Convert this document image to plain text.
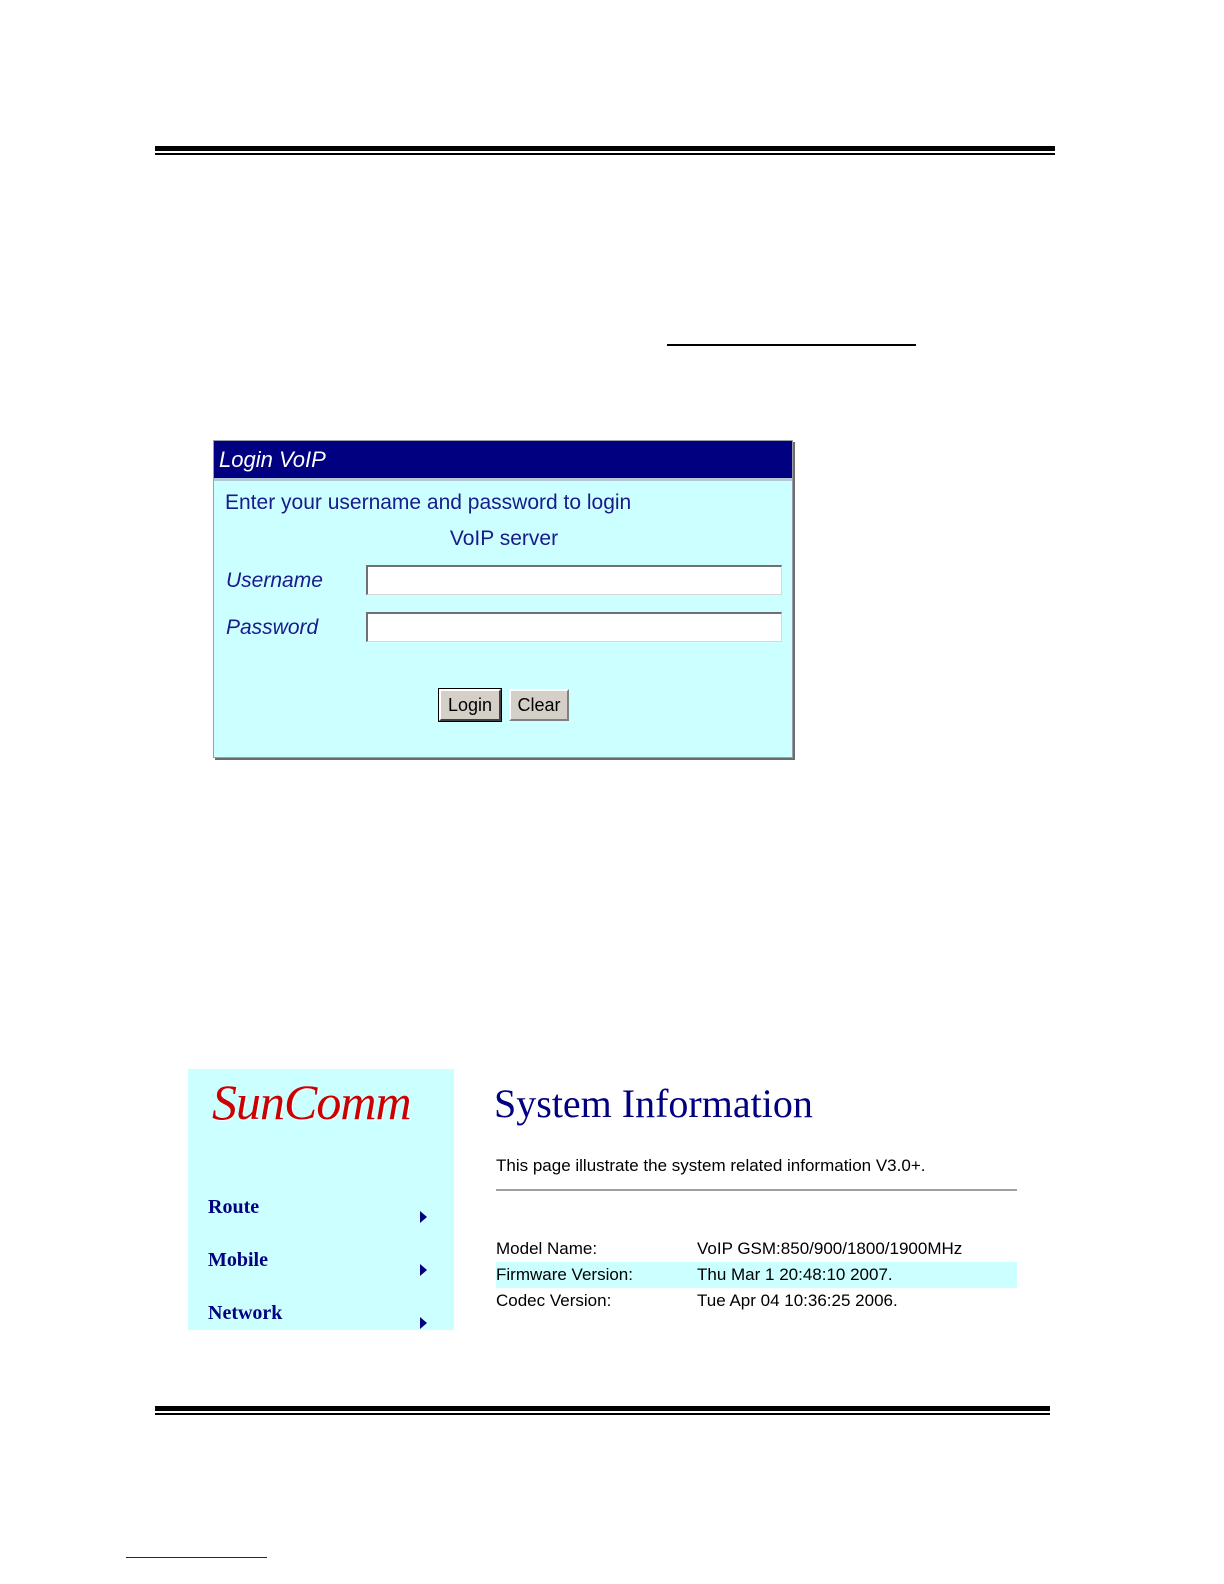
Login VoIP
Enter your username and password to login
VoIP server
Username
Password
Login	Clear
SunComm
Route
Mobile
Network
System Information
This page illustrate the system related information V3.0+.
Model Name:	VoIP GSM:850/900/1800/1900MHz
Firmware Version:	Thu Mar 1 20:48:10 2007.
Codec Version:	Tue Apr 04 10:36:25 2006.
